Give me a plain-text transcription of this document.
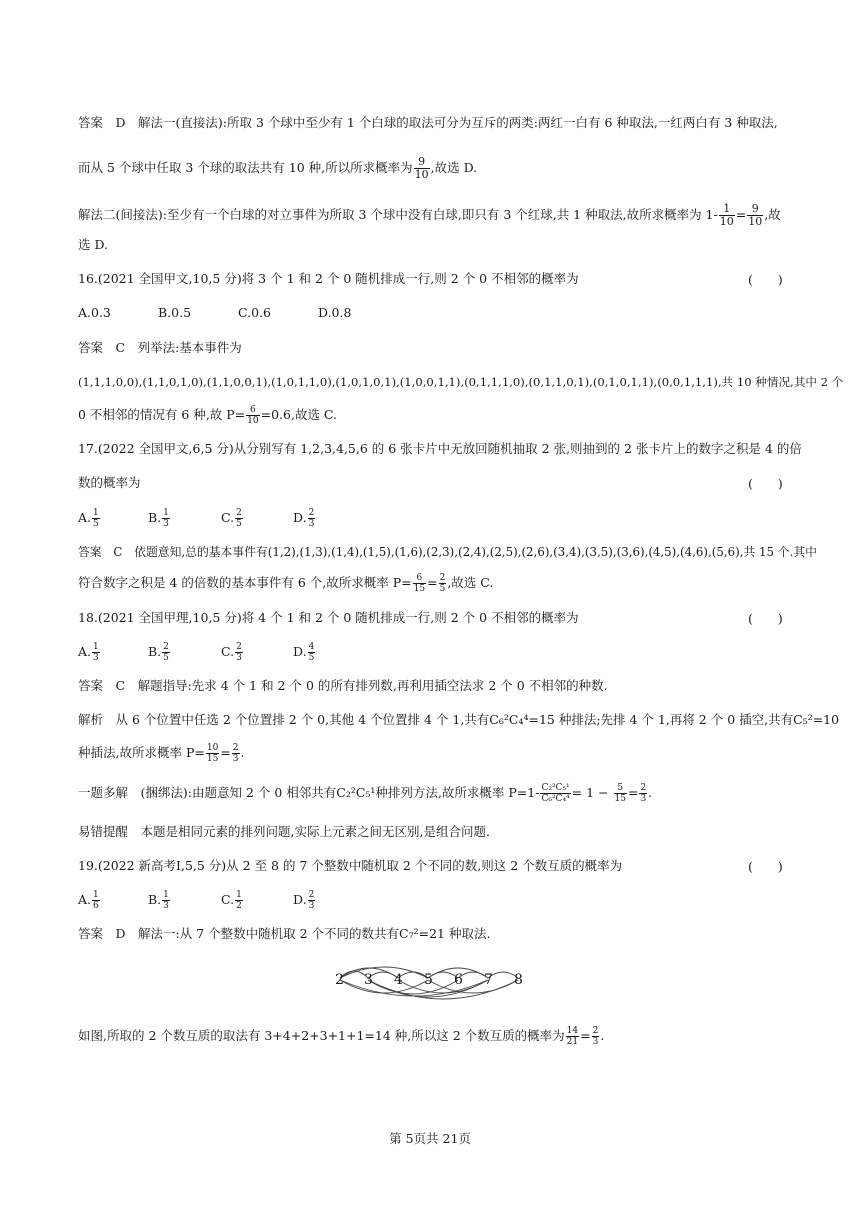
答案　D　解法一(直接法):所取 3 个球中至少有 1 个白球的取法可分为互斥的两类:两红一白有 6 种取法,一红两白有 3 种取法,
而从 5 个球中任取 3 个球的取法共有 10 种,所以所求概率为 $\frac{9}{10}$ ,故选 D.
解法二(间接法):至少有一个白球的对立事件为所取 3 个球中没有白球,即只有 3 个红球,共 1 种取法,故所求概率为 $1- \frac{1}{10} = \frac{9}{10}$ ,故
选 D.
16.(2021 全国甲文,10,5 分)将 3 个 1 和 2 个 0 随机排成一行,则 2 个 0 不相邻的概率为	(　　)
A.0.3	B.0.5	C.0.6	D.0.8
答案　C　列举法:基本事件为
(1,1,1,0,0),(1,1,0,1,0),(1,1,0,0,1),(1,0,1,1,0),(1,0,1,0,1),(1,0,0,1,1),(0,1,1,1,0),(0,1,1,0,1),(0,1,0,1,1),(0,0,1,1,1),共 10 种情况,其中 2 个
0 不相邻的情况有 6 种,故 $P= \frac{6}{10} =0.6$,故选 C.
17.(2022 全国甲文,6,5 分)从分别写有 1,2,3,4,5,6 的 6 张卡片中无放回随机抽取 2 张,则抽到的 2 张卡片上的数字之积是 4 的倍
数的概率为	(　　)
A. $\frac{1}{5}$	B. $\frac{1}{3}$	C. $\frac{2}{5}$	D. $\frac{2}{3}$
答案　C　依题意知,总的基本事件有(1,2),(1,3),(1,4),(1,5),(1,6),(2,3),(2,4),(2,5),(2,6),(3,4),(3,5),(3,6),(4,5),(4,6),(5,6),共 15 个.其中
符合数字之积是 4 的倍数的基本事件有 6 个,故所求概率 $P= \frac{6}{15} = \frac{2}{5}$ ,故选 C.
18.(2021 全国甲理,10,5 分)将 4 个 1 和 2 个 0 随机排成一行,则 2 个 0 不相邻的概率为	(　　)
A. $\frac{1}{3}$	B. $\frac{2}{5}$	C. $\frac{2}{3}$	D. $\frac{4}{5}$
答案　C　解题指导:先求 4 个 1 和 2 个 0 的所有排列数,再利用插空法求 2 个 0 不相邻的种数.
解析　从 6 个位置中任选 2 个位置排 2 个 0,其他 4 个位置排 4 个 1,共有C₆²C₄⁴=15 种排法;先排 4 个 1,再将 2 个 0 插空,共有C₅²=10
种插法,故所求概率 $P= \frac{10}{15} = \frac{2}{3}$ .
一题多解　(捆绑法):由题意知 2 个 0 相邻共有C₂²C₅¹种排列方法,故所求概率 $P=1- \frac{\text{C₂²C₅¹}}{\text{C₆²C₄⁴}} = 1 - \frac{5}{15} = \frac{2}{3}$ .
易错提醒　本题是相同元素的排列问题,实际上元素之间无区别,是组合问题.
19.(2022 新高考Ⅰ,5,5 分)从 2 至 8 的 7 个整数中随机取 2 个不同的数,则这 2 个数互质的概率为	(　　)
A. $\frac{1}{6}$	B. $\frac{1}{3}$	C. $\frac{1}{2}$	D. $\frac{2}{3}$
答案　D　解法一:从 7 个整数中随机取 2 个不同的数共有C₇²=21 种取法.
2 3 4 5 6 7 8
如图,所取的 2 个数互质的取法有 3+4+2+3+1+1=14 种,所以这 2 个数互质的概率为 $\frac{14}{21} = \frac{2}{3}$ .
第 5页共 21页
